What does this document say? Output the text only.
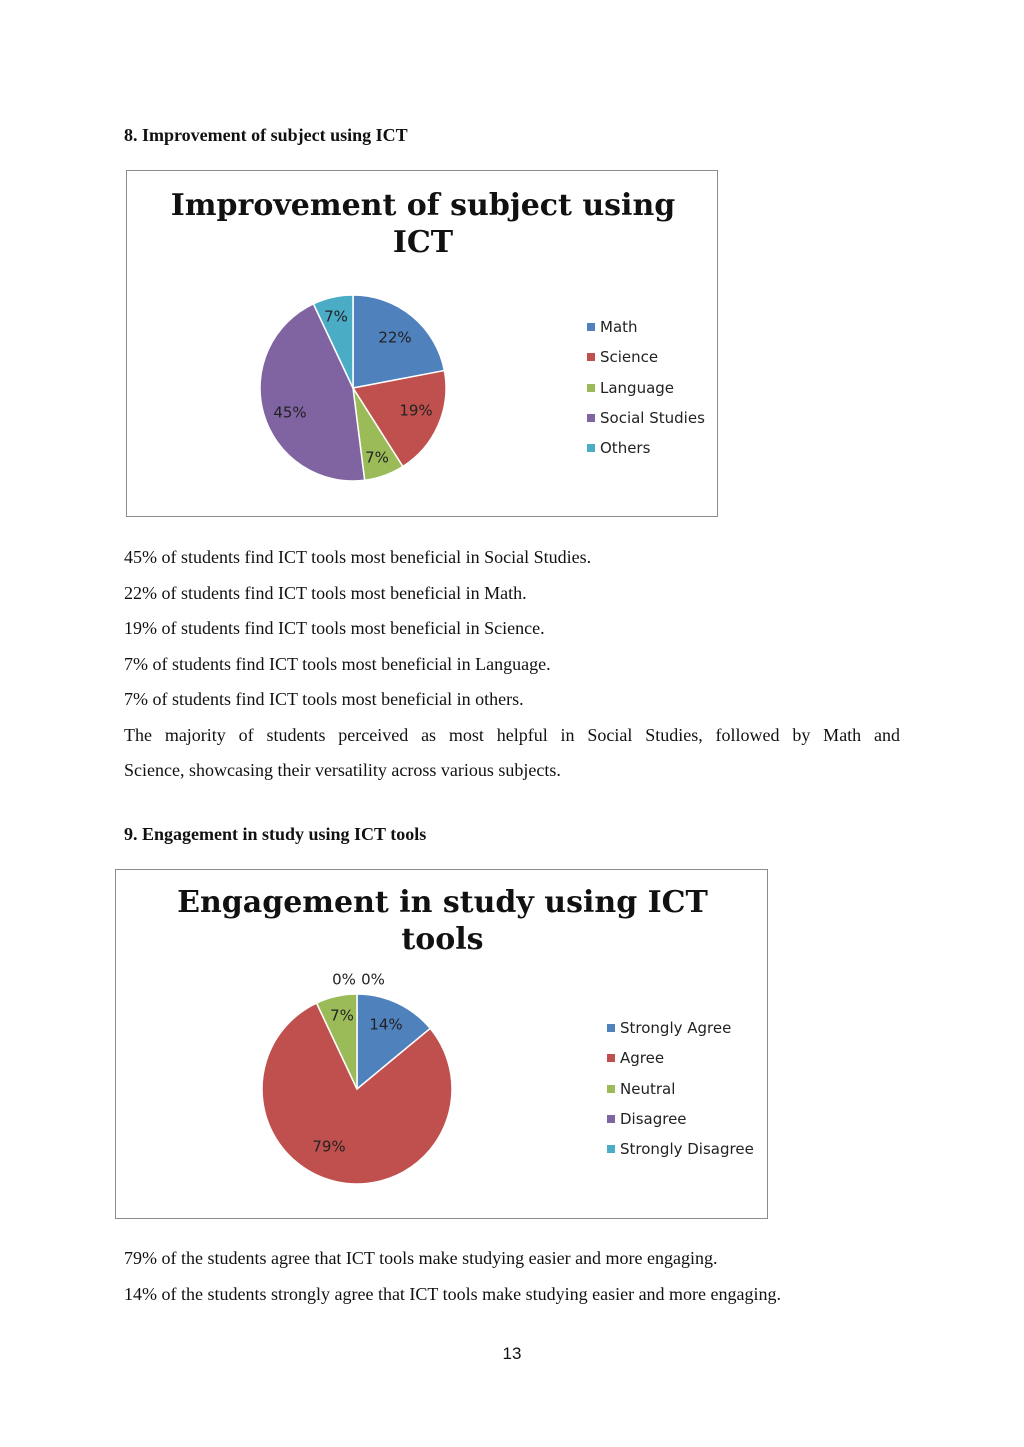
8. Improvement of subject using ICT
Improvement of subject using
ICT
22%
19%
7%
45%
7%
Math
Science
Language
Social Studies
Others

45% of students find ICT tools most beneficial in Social Studies.

22% of students find ICT tools most beneficial in Math.

19% of students find ICT tools most beneficial in Science.

7% of students find ICT tools most beneficial in Language.

7% of students find ICT tools most beneficial in others.

The majority of students perceived as most helpful in Social Studies, followed by Math and

Science, showcasing their versatility across various subjects.

9. Engagement in study using ICT tools
Engagement in study using ICT
tools
14%
79%
7%
0% 0%
Strongly Agree
Agree
Neutral
Disagree
Strongly Disagree

79% of the students agree that ICT tools make studying easier and more engaging.

14% of the students strongly agree that ICT tools make studying easier and more engaging.

13
